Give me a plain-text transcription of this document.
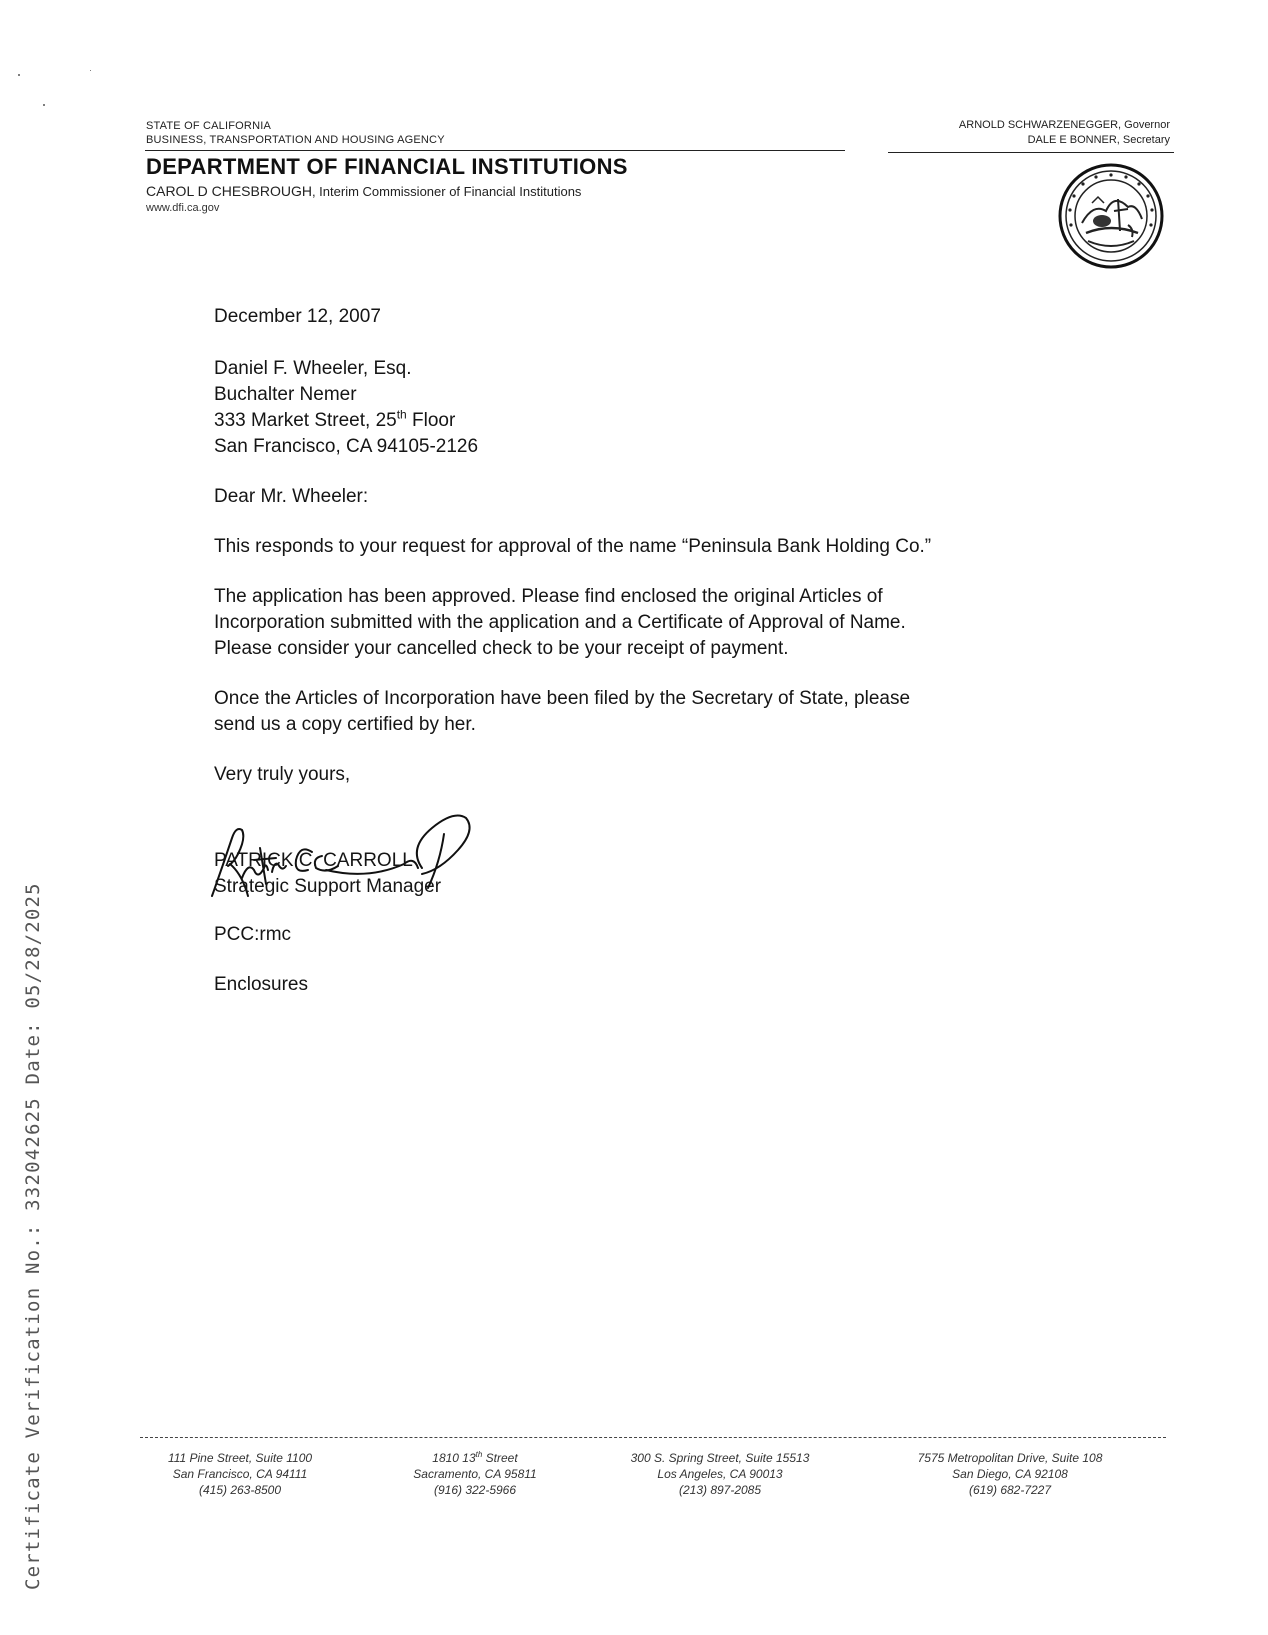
STATE OF CALIFORNIA
BUSINESS, TRANSPORTATION AND HOUSING AGENCY
DEPARTMENT OF FINANCIAL INSTITUTIONS
CAROL D CHESBROUGH, Interim Commissioner of Financial Institutions
www.dfi.ca.gov
ARNOLD SCHWARZENEGGER, Governor
DALE E BONNER, Secretary
December 12, 2007
Daniel F. Wheeler, Esq.
Buchalter Nemer
333 Market Street, 25th Floor
San Francisco, CA 94105-2126
Dear Mr. Wheeler:
This responds to your request for approval of the name “Peninsula Bank Holding Co.”
The application has been approved. Please find enclosed the original Articles of
Incorporation submitted with the application and a Certificate of Approval of Name.
Please consider your cancelled check to be your receipt of payment.
Once the Articles of Incorporation have been filed by the Secretary of State, please
send us a copy certified by her.
Very truly yours,
PATRICK C. CARROLL
Strategic Support Manager
PCC:rmc
Enclosures
111 Pine Street, Suite 1100
San Francisco, CA 94111
(415) 263-8500
1810 13th Street
Sacramento, CA 95811
(916) 322-5966
300 S. Spring Street, Suite 15513
Los Angeles, CA 90013
(213) 897-2085
7575 Metropolitan Drive, Suite 108
San Diego, CA 92108
(619) 682-7227
Certificate Verification No.: 332042625 Date: 05/28/2025
